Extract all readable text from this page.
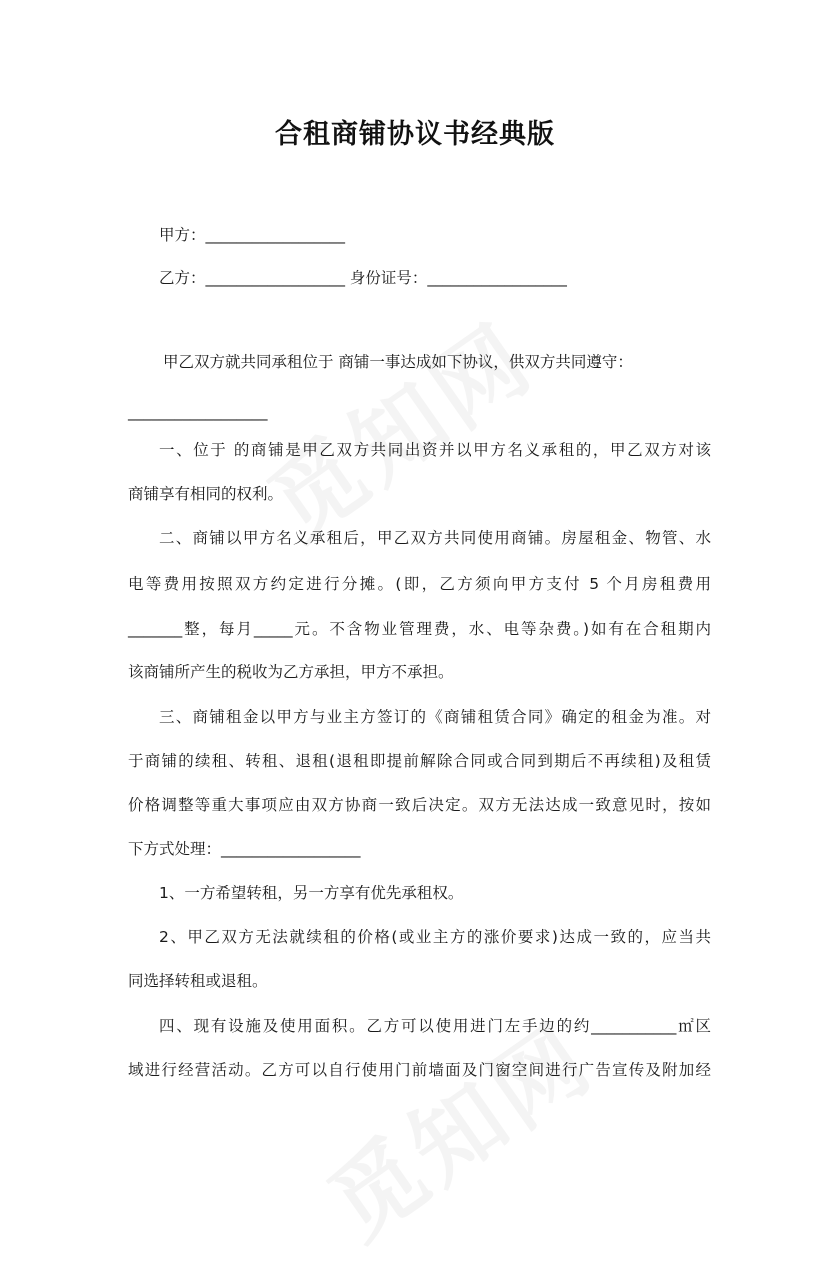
合租商铺协议书经典版
甲方：__________________
乙方：__________________ 身份证号：__________________
甲乙双方就共同承租位于 商铺一事达成如下协议，供双方共同遵守：
__________________
一、位于 的商铺是甲乙双方共同出资并以甲方名义承租的，甲乙双方对该
商铺享有相同的权利。
二、商铺以甲方名义承租后，甲乙双方共同使用商铺。房屋租金、物管、水
电等费用按照双方约定进行分摊。(即，乙方须向甲方支付 5 个月房租费用
_______整，每月_____元。不含物业管理费，水、电等杂费。)如有在合租期内
该商铺所产生的税收为乙方承担，甲方不承担。
三、商铺租金以甲方与业主方签订的《商铺租赁合同》确定的租金为准。对
于商铺的续租、转租、退租(退租即提前解除合同或合同到期后不再续租)及租赁
价格调整等重大事项应由双方协商一致后决定。双方无法达成一致意见时，按如
下方式处理：__________________
1、一方希望转租，另一方享有优先承租权。
2、甲乙双方无法就续租的价格(或业主方的涨价要求)达成一致的，应当共
同选择转租或退租。
四、现有设施及使用面积。乙方可以使用进门左手边的约___________㎡区
域进行经营活动。乙方可以自行使用门前墙面及门窗空间进行广告宣传及附加经
